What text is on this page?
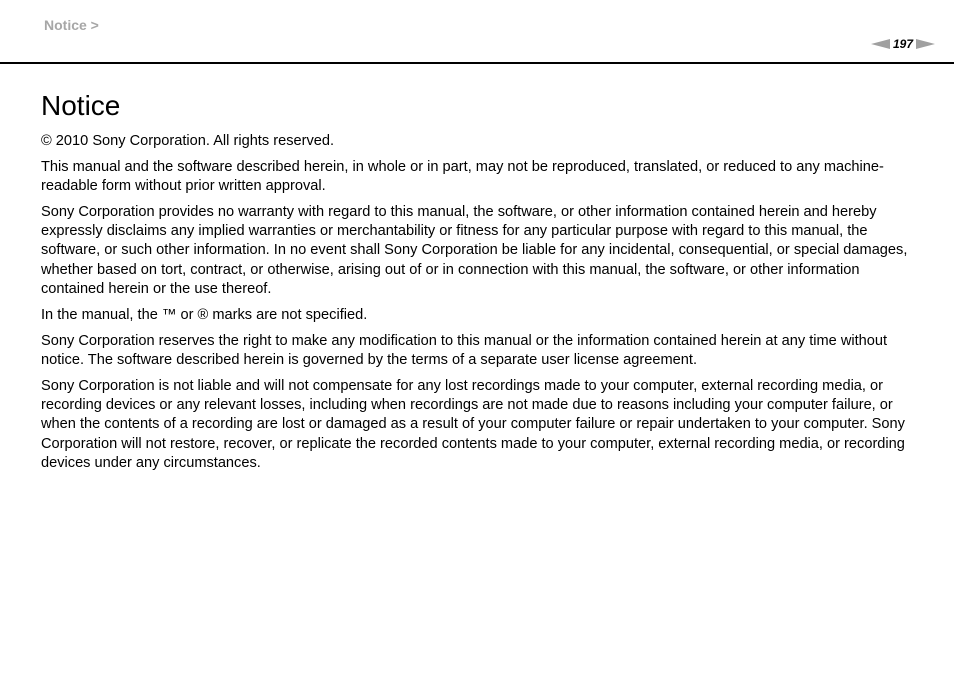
Notice >
197
Notice

© 2010 Sony Corporation. All rights reserved.

This manual and the software described herein, in whole or in part, may not be reproduced, translated, or reduced to any machine-readable form without prior written approval.

Sony Corporation provides no warranty with regard to this manual, the software, or other information contained herein and hereby expressly disclaims any implied warranties or merchantability or fitness for any particular purpose with regard to this manual, the software, or such other information. In no event shall Sony Corporation be liable for any incidental, consequential, or special damages, whether based on tort, contract, or otherwise, arising out of or in connection with this manual, the software, or other information contained herein or the use thereof.

In the manual, the ™ or ® marks are not specified.

Sony Corporation reserves the right to make any modification to this manual or the information contained herein at any time without notice. The software described herein is governed by the terms of a separate user license agreement.

Sony Corporation is not liable and will not compensate for any lost recordings made to your computer, external recording media, or recording devices or any relevant losses, including when recordings are not made due to reasons including your computer failure, or when the contents of a recording are lost or damaged as a result of your computer failure or repair undertaken to your computer. Sony Corporation will not restore, recover, or replicate the recorded contents made to your computer, external recording media, or recording devices under any circumstances.
